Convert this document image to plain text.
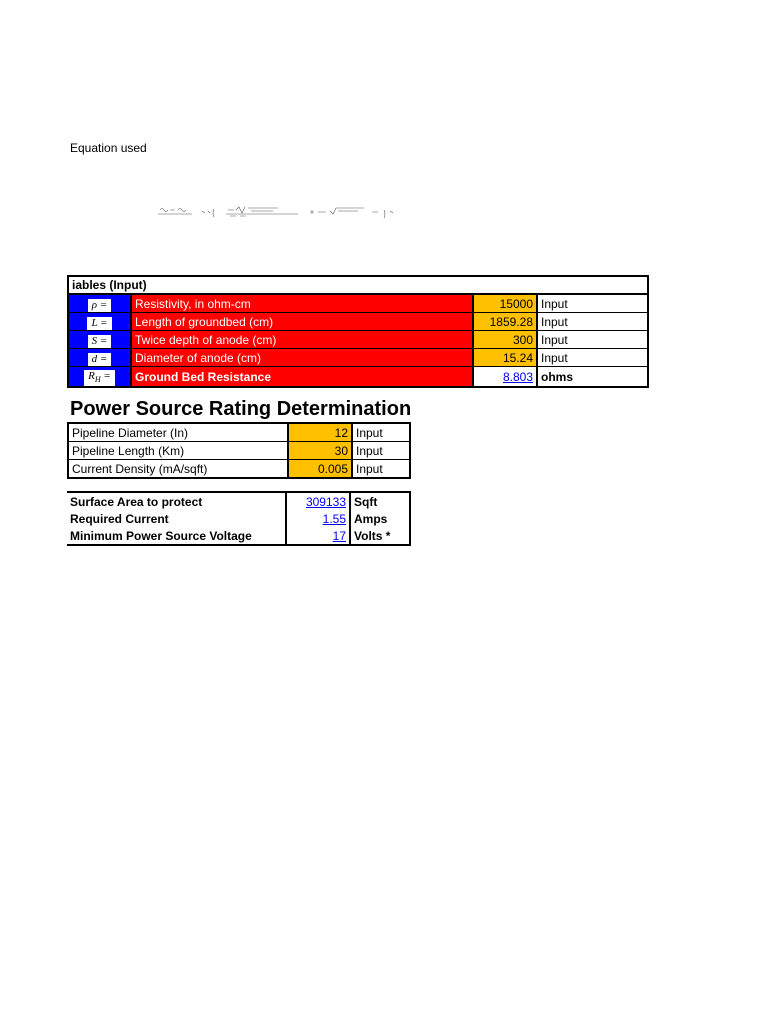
Equation used
iables (Input)			
ρ =	Resistivity, in ohm-cm	15000	Input
L =	Length of groundbed (cm)	1859.28	Input
S =	Twice depth of anode (cm)	300	Input
d =	Diameter of anode (cm)	15.24	Input
$R_H$ =	Ground Bed Resistance	8.803	ohms
Power Source Rating Determination
Pipeline Diameter (In)	12	Input
Pipeline Length (Km)	30	Input
Current Density (mA/sqft)	0.005	Input
Surface Area to protect	309133	Sqft
Required Current	1.55	Amps
Minimum Power Source Voltage	17	Volts *
